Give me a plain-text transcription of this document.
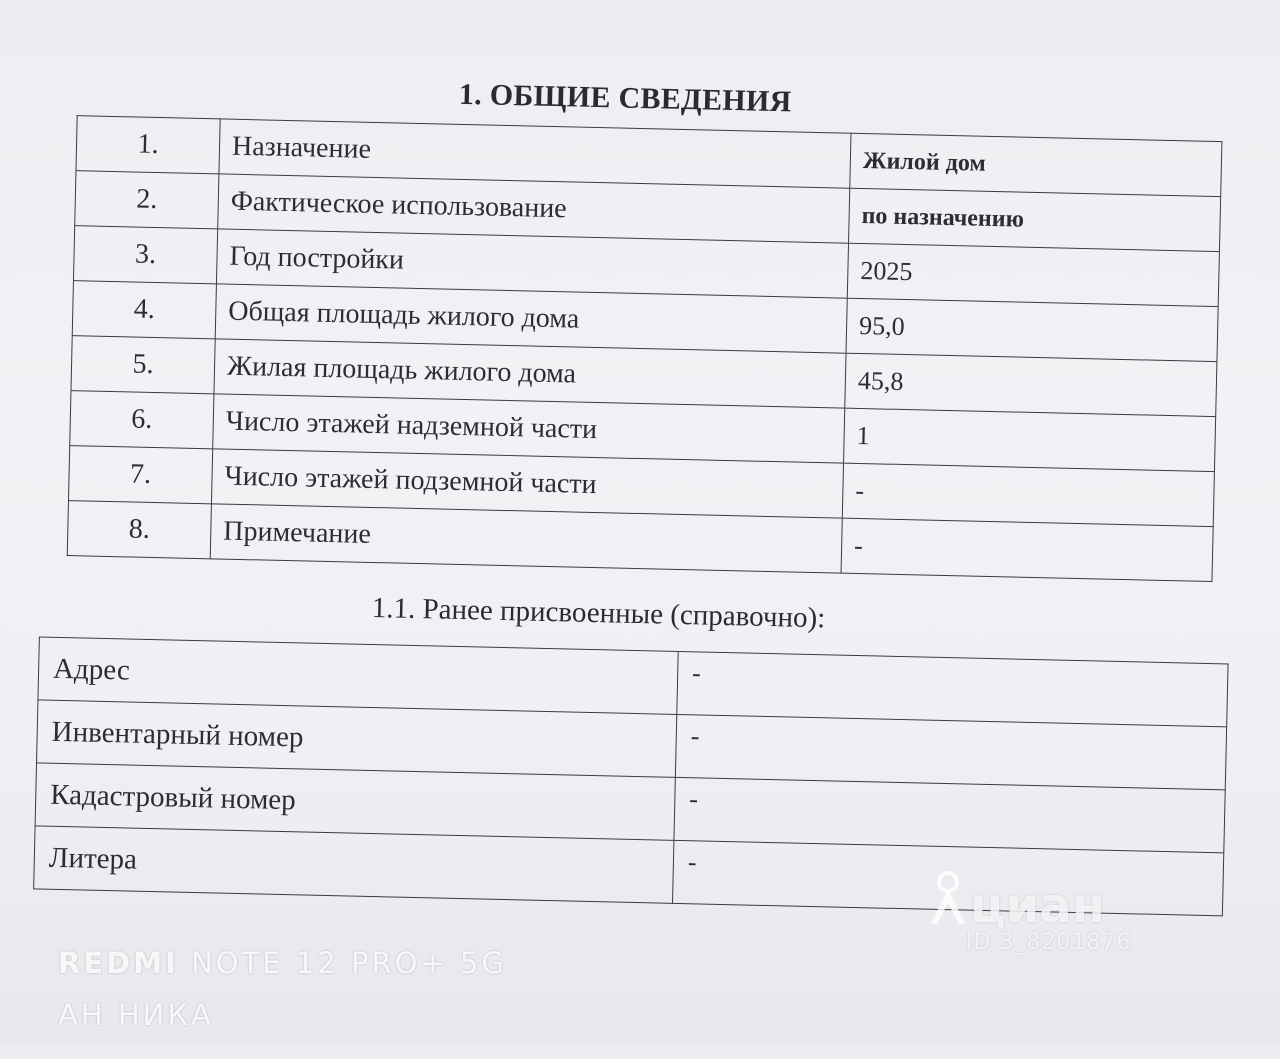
1. ОБЩИЕ СВЕДЕНИЯ
1.	Назначение	Жилой дом
2.	Фактическое использование	по назначению
3.	Год постройки	2025
4.	Общая площадь жилого дома	95,0
5.	Жилая площадь жилого дома	45,8
6.	Число этажей надземной части	1
7.	Число этажей подземной части	-
8.	Примечание	-
1.1. Ранее присвоенные (справочно):
Адрес	-
Инвентарный номер	-
Кадастровый номер	-
Литера	-
циан
ID 3_8201876
REDMI NOTE 12 PRO+ 5G
АН НИКА
